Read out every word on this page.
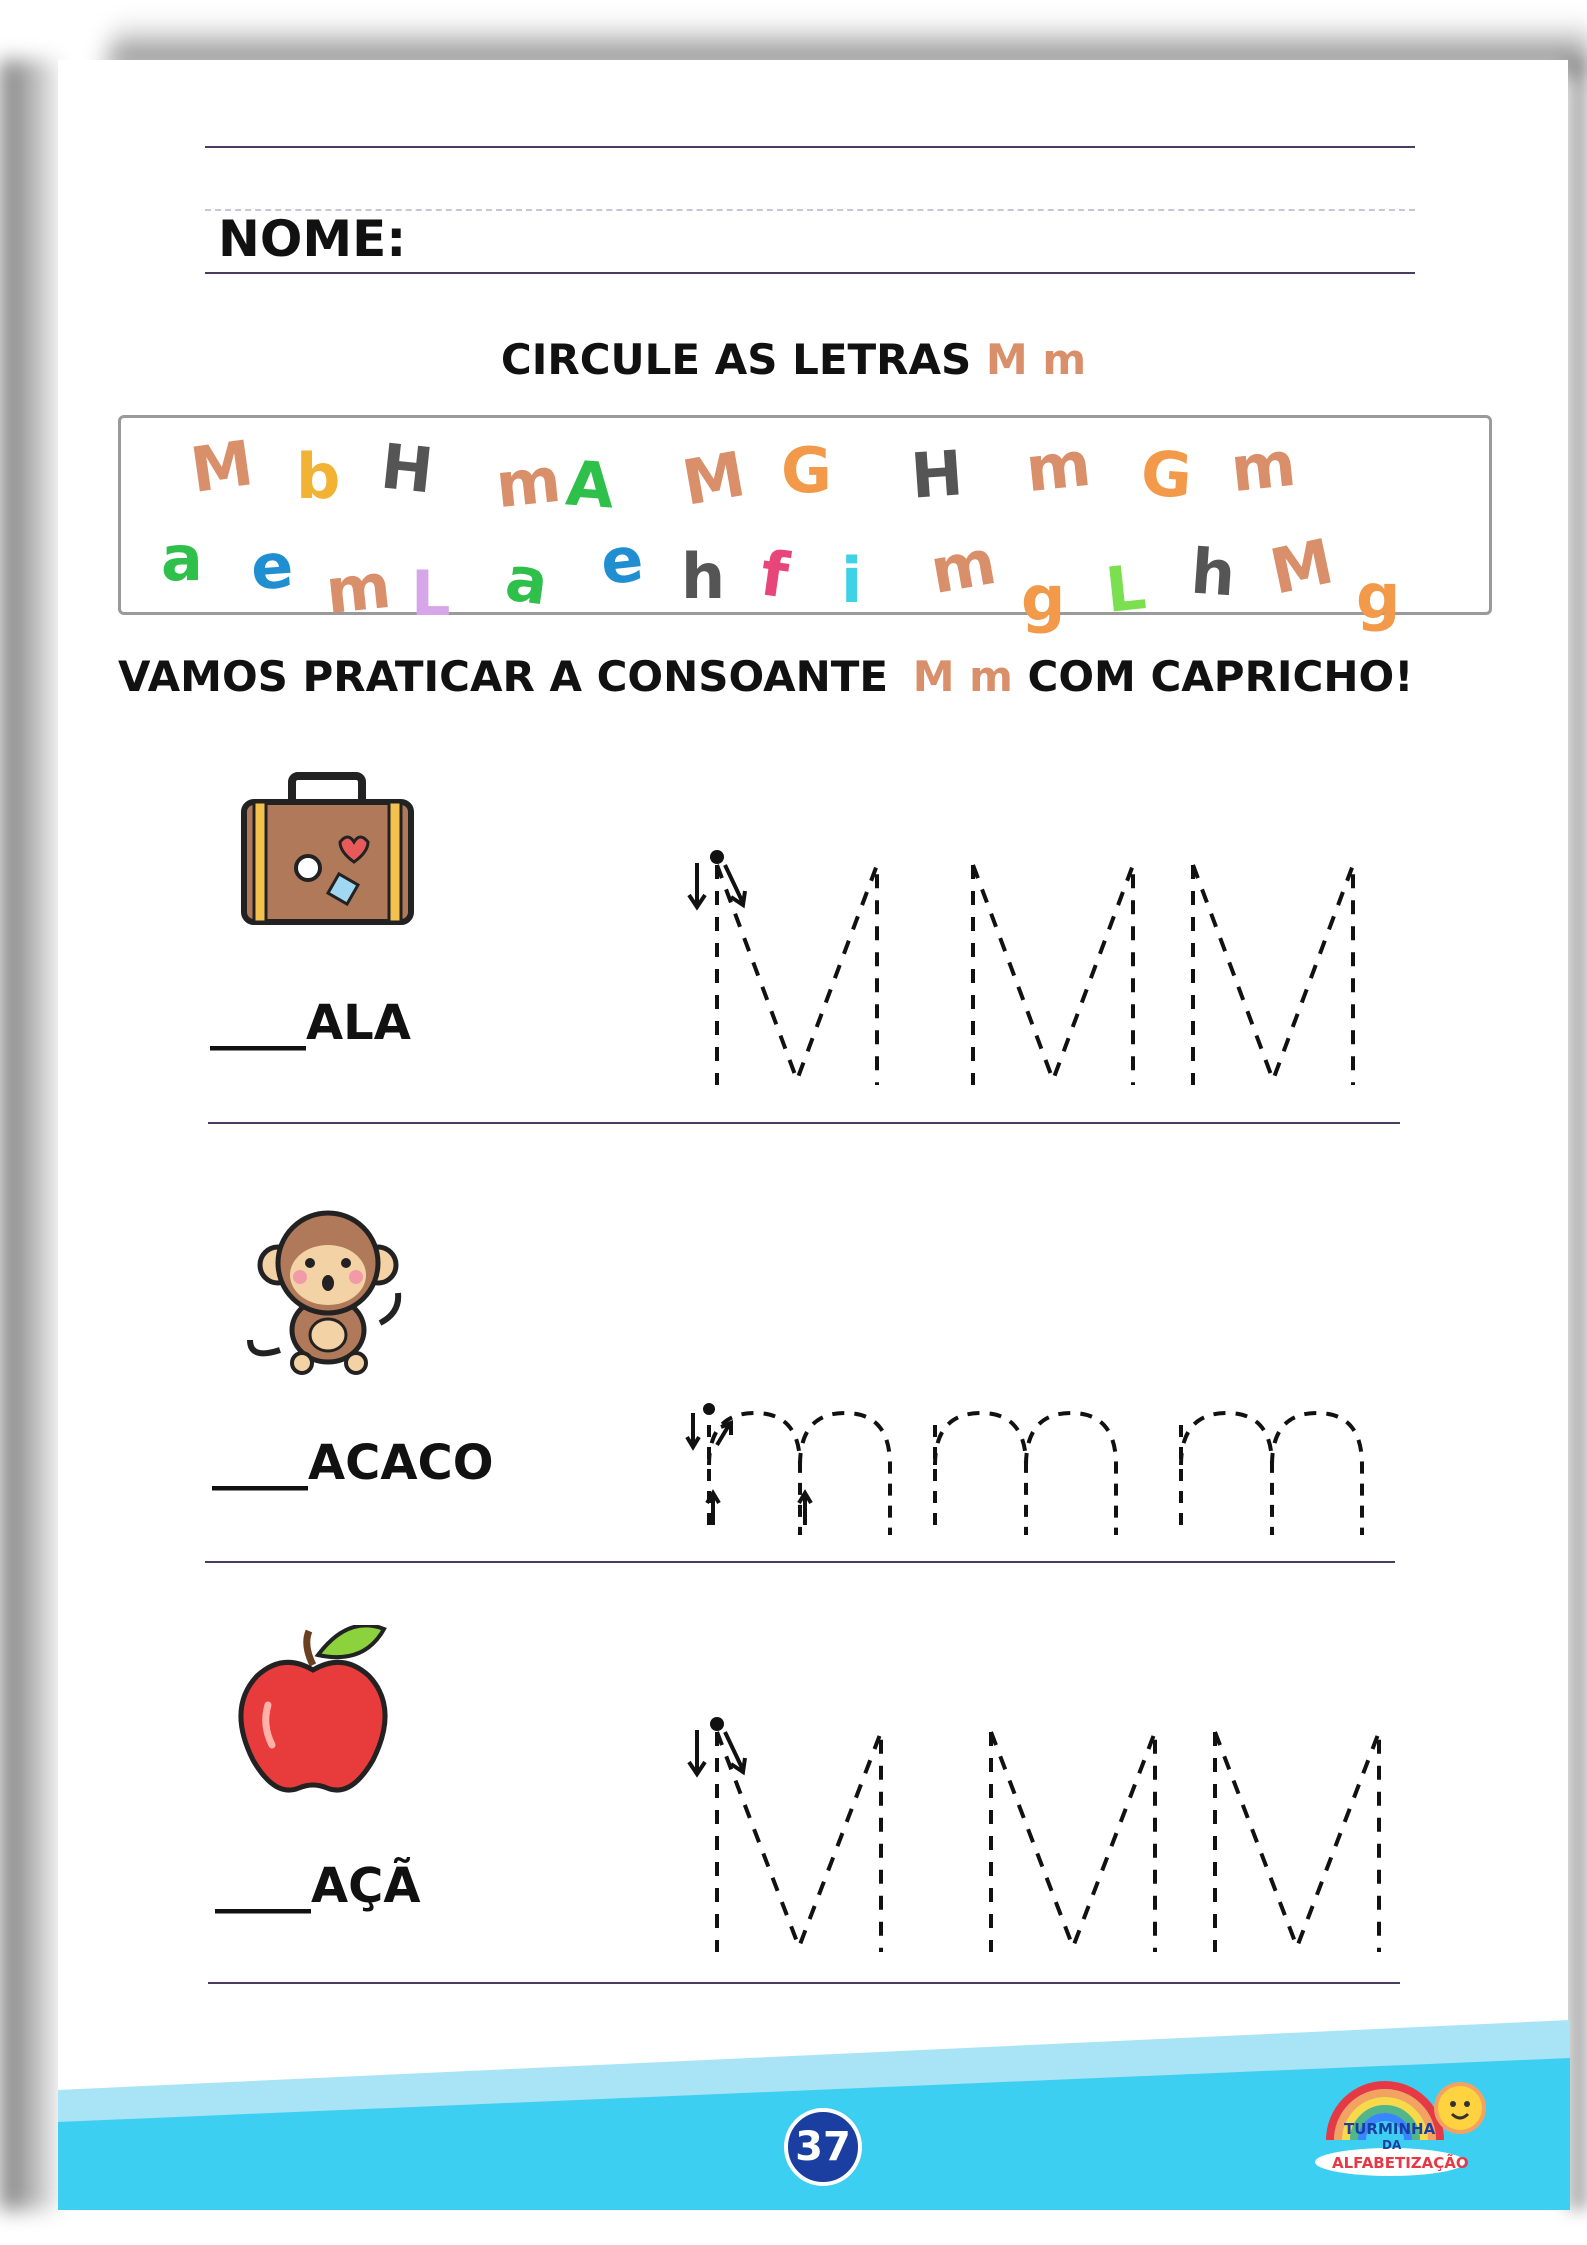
NOME:
CIRCULE AS LETRAS M m
M b H m A M G H m G m
a e m L a e h f i m g L h M g
VAMOS PRATICAR A CONSOANTE M m COM CAPRICHO!
____ALA
____ACACO
____AÇÃ
37	TURMINHA
DA
ALFABETIZAÇÃO
